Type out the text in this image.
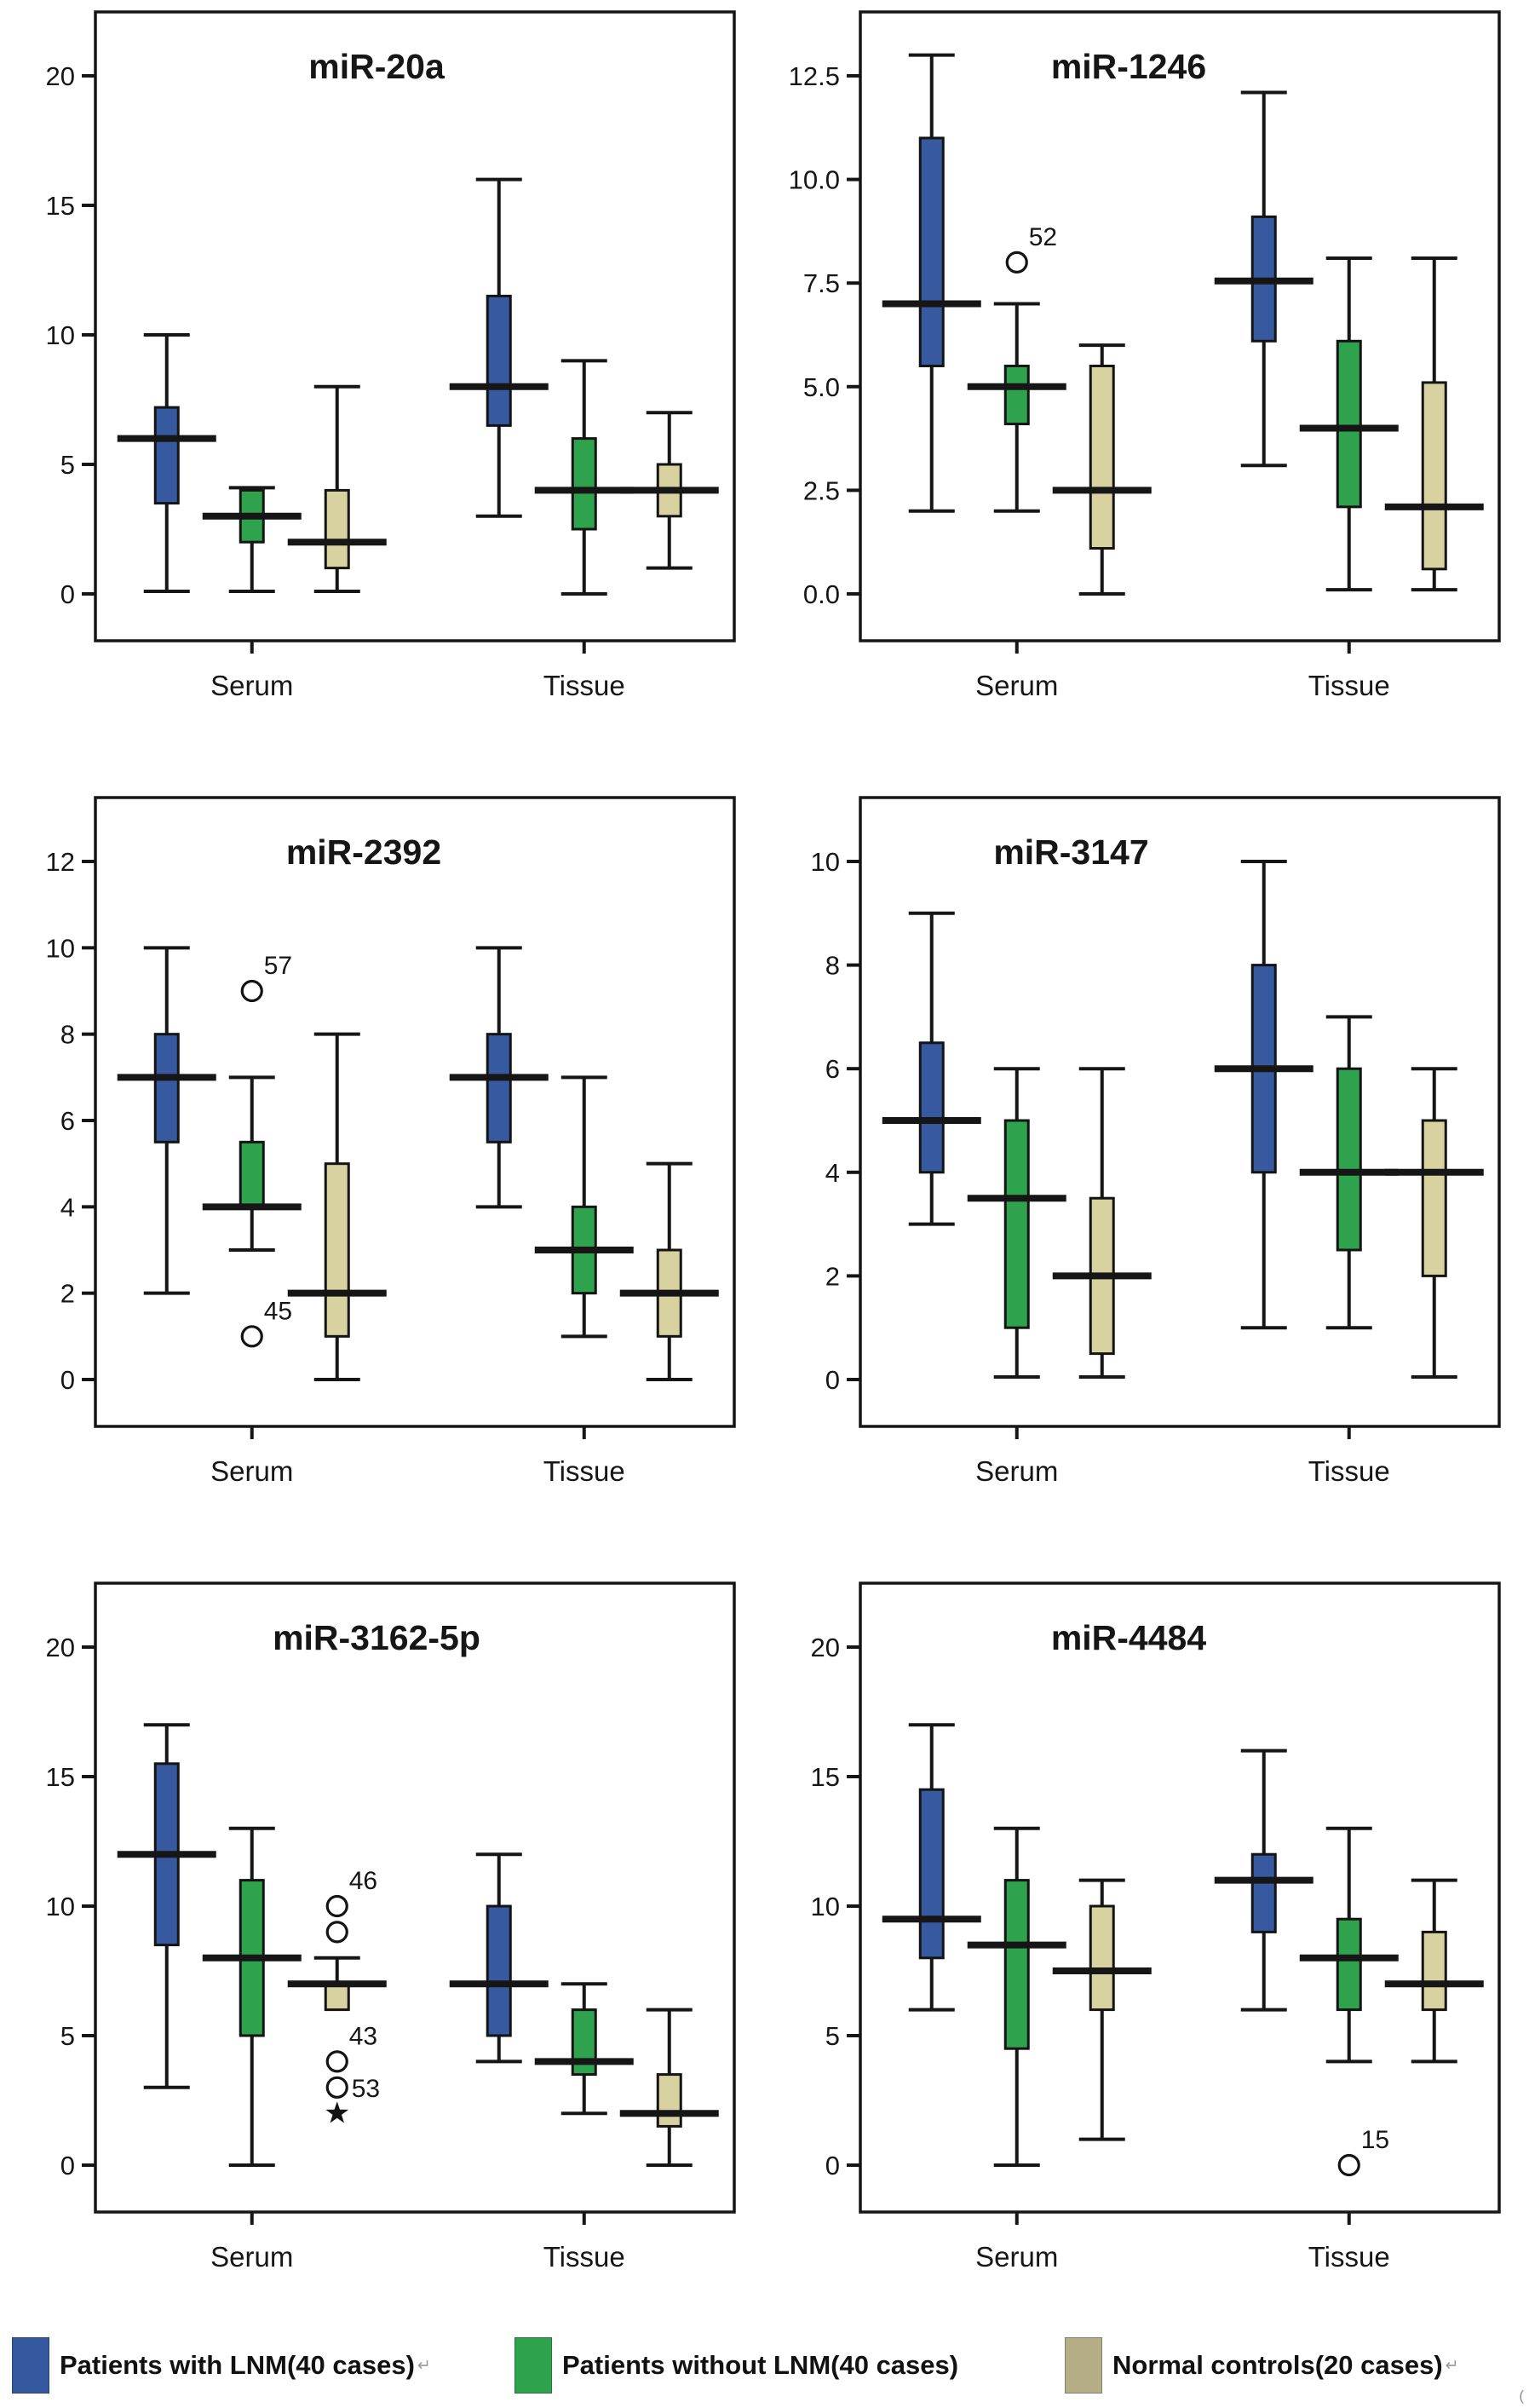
0
5
10
15
20	miR-20a
Serum	Tissue
0.0
2.5
5.0
7.5
10.0
12.5	miR-1246
Serum	Tissue
52
0
2
4
6
8
10
12	miR-2392
Serum	Tissue
57
45
0
2
4
6
8
10	miR-3147
Serum	Tissue
0
5
10
15
20	miR-3162-5p
Serum	Tissue
46
43
53
0
5
10
15
20	miR-4484
Serum	Tissue
15
Patients with LNM(40 cases) ↵	Patients without LNM(40 cases)	Normal controls(20 cases) ↵
(
